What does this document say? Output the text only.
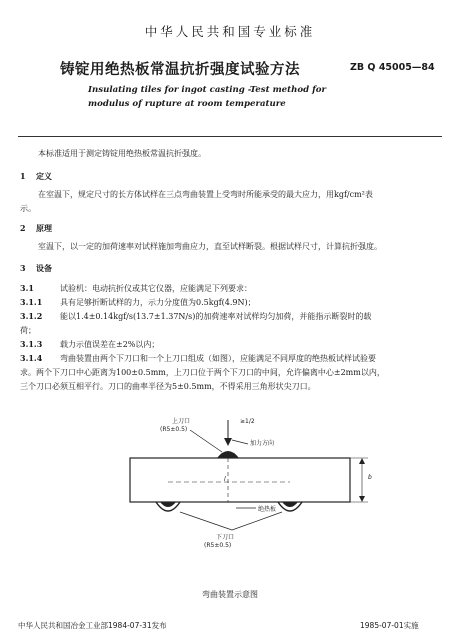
中华人民共和国专业标准
铸锭用绝热板常温抗折强度试验方法	ZB Q 45005—84
Insulating tiles for ingot casting -Test method for
modulus of rupture at room temperature
本标准适用于测定铸锭用绝热板常温抗折强度。
1 定义
在室温下，规定尺寸的长方体试样在三点弯曲装置上受弯时所能承受的最大应力，用kgf/cm²表
示。
2 原理
室温下，以一定的加荷速率对试样施加弯曲应力，直至试样断裂。根据试样尺寸，计算抗折强度。
3 设备
3.1	试验机：电动抗折仪或其它仪器，应能满足下列要求：
3.1.1 具有足够折断试样的力，示力分度值为0.5kgf(4.9N)；
3.1.2 能以1.4±0.14kgf/s(13.7±1.37N/s)的加荷速率对试样均匀加荷，并能指示断裂时的载
荷；
3.1.3 载力示值误差在±2%以内；
3.1.4 弯曲装置由两个下刀口和一个上刀口组成（如图），应能满足不同厚度的绝热板试样试验要
求。两个下刀口中心距离为100±0.5mm，上刀口位于两个下刀口的中间，允许偏离中心±2mm以内，
三个刀口必须互相平行。刀口的曲率半径为5±0.5mm，不得采用三角形状尖刀口。
上刀口
(R5±0.5)
加力方向
≥1/2
b
l
绝热板
下刀口
(R5±0.5)
弯曲装置示意图
中华人民共和国冶金工业部1984-07-31发布	1985-07-01实施
